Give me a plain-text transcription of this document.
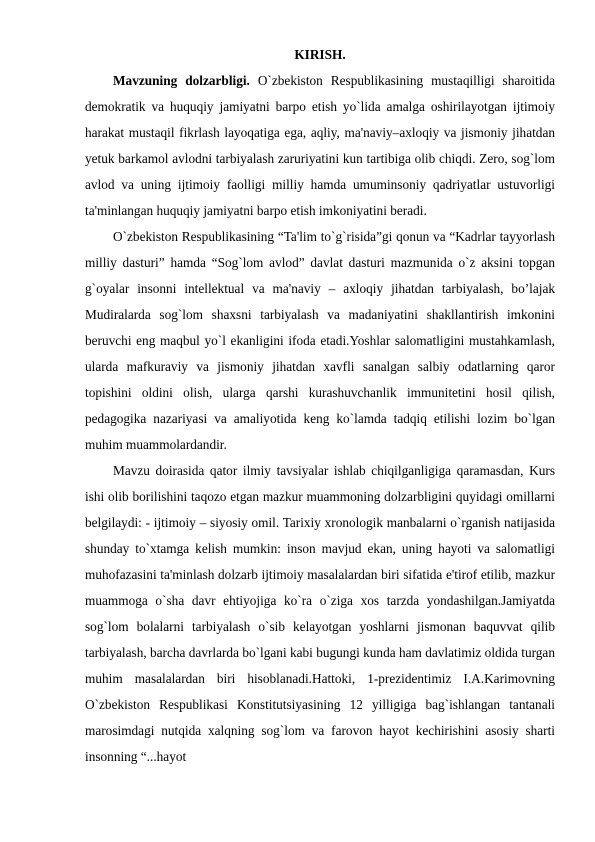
KIRISH.

Mavzuning dolzarbligi. O`zbekiston Respublikasining mustaqilligi sharoitida demokratik va huquqiy jamiyatni barpo etish yo`lida amalga oshirilayotgan ijtimoiy harakat mustaqil fikrlash layoqatiga ega, aqliy, ma'naviy–axloqiy va jismoniy jihatdan yetuk barkamol avlodni tarbiyalash zaruriyatini kun tartibiga olib chiqdi. Zero, sog`lom avlod va uning ijtimoiy faolligi milliy hamda umuminsoniy qadriyatlar ustuvorligi ta'minlangan huquqiy jamiyatni barpo etish imkoniyatini beradi.

O`zbekiston Respublikasining “Ta'lim to`g`risida”gi qonun va “Kadrlar tayyorlash milliy dasturi” hamda “Sog`lom avlod” davlat dasturi mazmunida o`z aksini topgan g`oyalar insonni intellektual va ma'naviy – axloqiy jihatdan tarbiyalash, bo’lajak Mudiralarda sog`lom shaxsni tarbiyalash va madaniyatini shakllantirish imkonini beruvchi eng maqbul yo`l ekanligini ifoda etadi.Yoshlar salomatligini mustahkamlash, ularda mafkuraviy va jismoniy jihatdan xavfli sanalgan salbiy odatlarning qaror topishini oldini olish, ularga qarshi kurashuvchanlik immunitetini hosil qilish, pedagogika nazariyasi va amaliyotida keng ko`lamda tadqiq etilishi lozim bo`lgan muhim muammolardandir.

Mavzu doirasida qator ilmiy tavsiyalar ishlab chiqilganligiga qaramasdan, Kurs ishi olib borilishini taqozo etgan mazkur muammoning dolzarbligini quyidagi omillarni belgilaydi: - ijtimoiy – siyosiy omil. Tarixiy xronologik manbalarni o`rganish natijasida shunday to`xtamga kelish mumkin: inson mavjud ekan, uning hayoti va salomatligi muhofazasini ta'minlash dolzarb ijtimoiy masalalardan biri sifatida e'tirof etilib, mazkur muammoga o`sha davr ehtiyojiga ko`ra o`ziga xos tarzda yondashilgan.Jamiyatda sog`lom bolalarni tarbiyalash o`sib kelayotgan yoshlarni jismonan baquvvat qilib tarbiyalash, barcha davrlarda bo`lgani kabi bugungi kunda ham davlatimiz oldida turgan muhim masalalardan biri hisoblanadi.Hattoki, 1-prezidentimiz I.A.Karimovning O`zbekiston Respublikasi Konstitutsiyasining 12 yilligiga bag`ishlangan tantanali marosimdagi nutqida xalqning sog`lom va farovon hayot kechirishini asosiy sharti insonning “...hayot
